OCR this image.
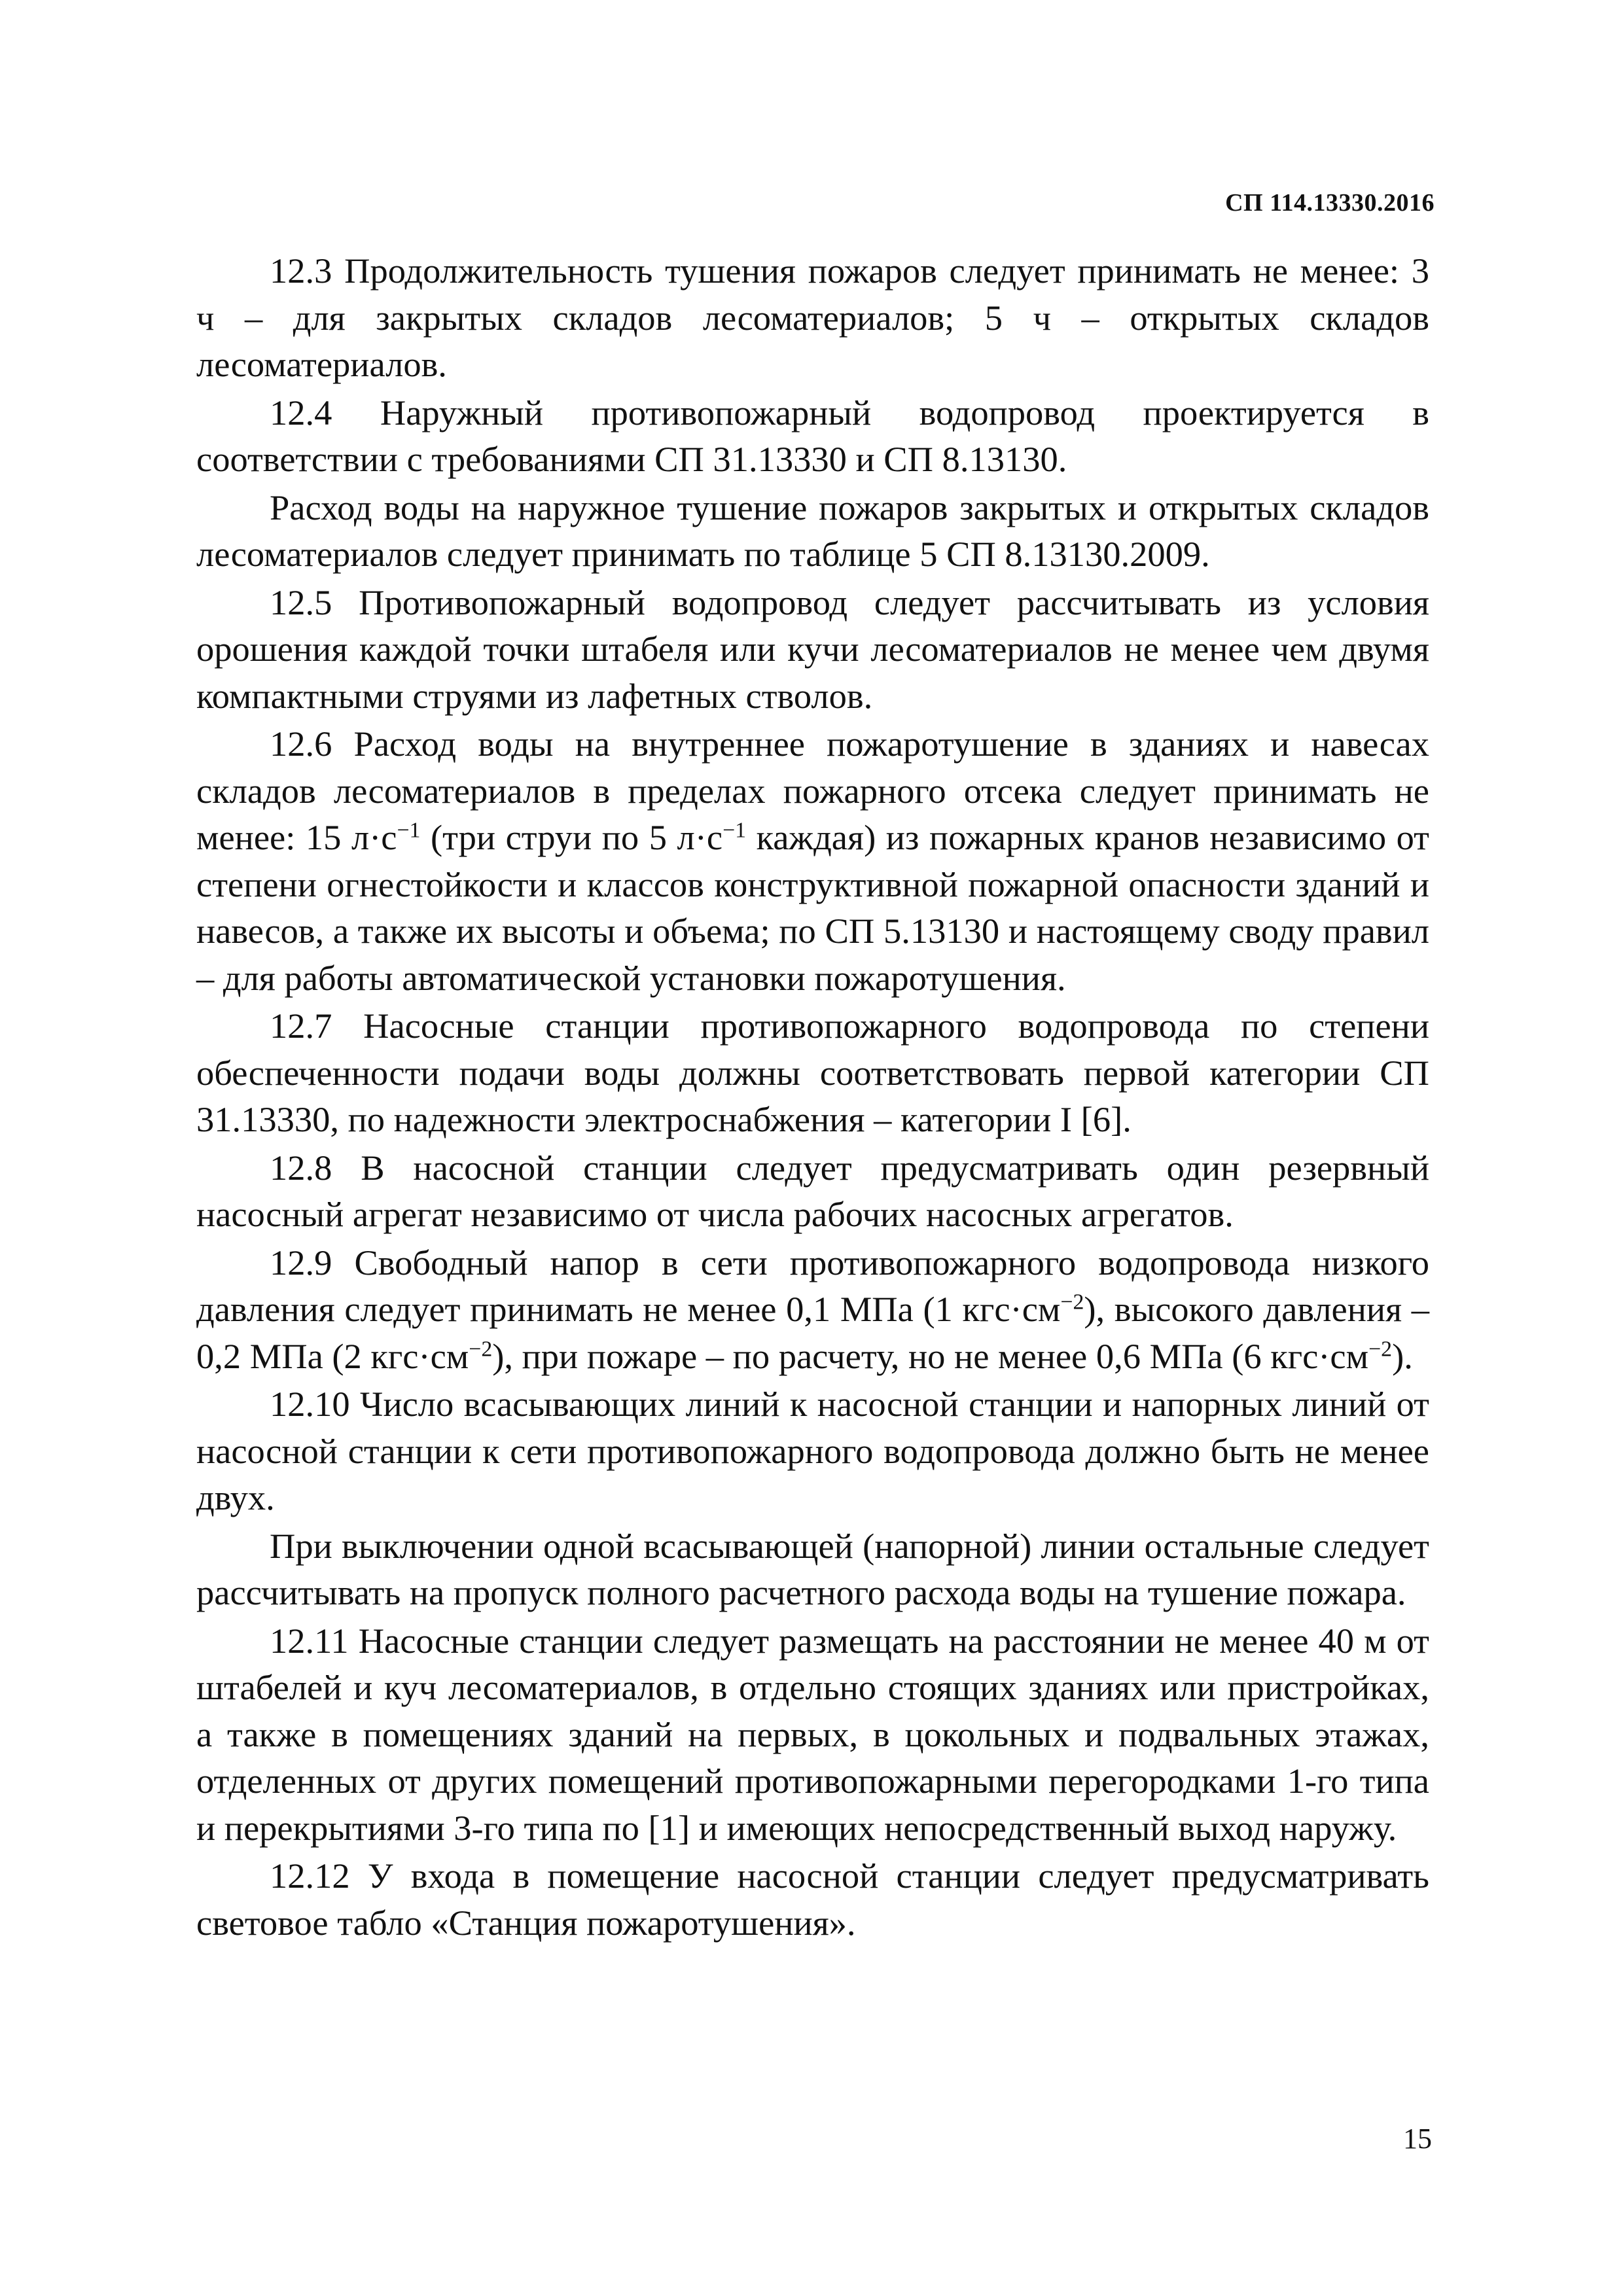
СП 114.13330.2016

12.3 Продолжительность тушения пожаров следует принимать не менее: 3 ч – для закрытых складов лесоматериалов; 5 ч – открытых складов лесоматериалов.

12.4 Наружный противопожарный водопровод проектируется в соответствии с требованиями СП 31.13330 и СП 8.13130.

Расход воды на наружное тушение пожаров закрытых и открытых складов лесоматериалов следует принимать по таблице 5 СП 8.13130.2009.

12.5 Противопожарный водопровод следует рассчитывать из условия орошения каждой точки штабеля или кучи лесоматериалов не менее чем двумя компактными струями из лафетных стволов.

12.6 Расход воды на внутреннее пожаротушение в зданиях и навесах складов лесоматериалов в пределах пожарного отсека следует принимать не менее: 15 $л\cdot с^{-1}$ (три струи по 5 $л\cdot с^{-1}$ каждая) из пожарных кранов независимо от степени огнестойкости и классов конструктивной пожарной опасности зданий и навесов, а также их высоты и объема; по СП 5.13130 и настоящему своду правил – для работы автоматической установки пожаротушения.

12.7 Насосные станции противопожарного водопровода по степени обеспеченности подачи воды должны соответствовать первой категории СП 31.13330, по надежности электроснабжения – категории I [6].

12.8 В насосной станции следует предусматривать один резервный насосный агрегат независимо от числа рабочих насосных агрегатов.

12.9 Свободный напор в сети противопожарного водопровода низкого давления следует принимать не менее 0,1 МПа (1 $кгс\cdot см^{-2}$), высокого давления – 0,2 МПа (2 $кгс\cdot см^{-2}$), при пожаре – по расчету, но не менее 0,6 МПа (6 $кгс\cdot см^{-2}$).

12.10 Число всасывающих линий к насосной станции и напорных линий от насосной станции к сети противопожарного водопровода должно быть не менее двух.

При выключении одной всасывающей (напорной) линии остальные следует рассчитывать на пропуск полного расчетного расхода воды на тушение пожара.

12.11 Насосные станции следует размещать на расстоянии не менее 40 м от штабелей и куч лесоматериалов, в отдельно стоящих зданиях или пристройках, а также в помещениях зданий на первых, в цокольных и подвальных этажах, отделенных от других помещений противопожарными перегородками 1-го типа и перекрытиями 3-го типа по [1] и имеющих непосредственный выход наружу.

12.12 У входа в помещение насосной станции следует предусматривать световое табло «Станция пожаротушения».

15
